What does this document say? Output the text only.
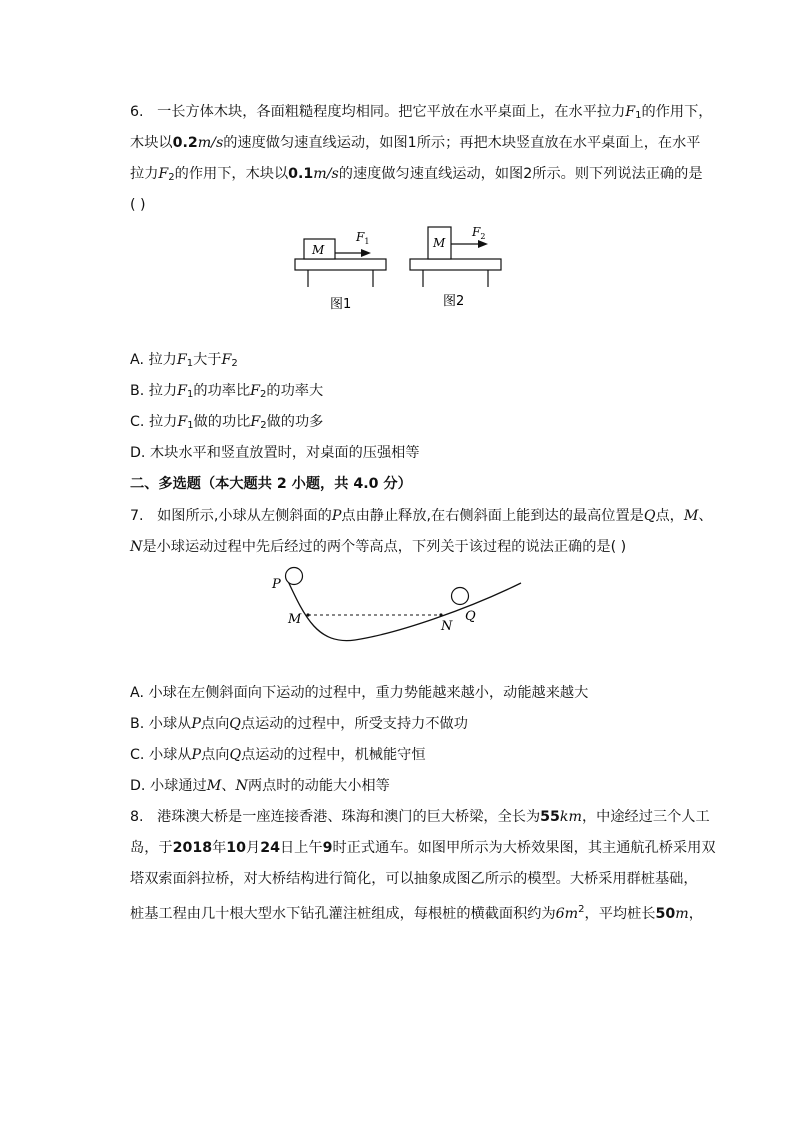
6. 一长方体木块，各面粗糙程度均相同。把它平放在水平桌面上，在水平拉力$F_1$的作用下，
木块以0.2m/s的速度做匀速直线运动，如图1所示；再把木块竖直放在水平桌面上，在水平
拉力$F_2$的作用下，木块以0.1m/s的速度做匀速直线运动，如图2所示。则下列说法正确的是
( )
M
$F_1$
图1
M
$F_2$
图2
P
M	N
Q
A. 拉力$F_1$大于$F_2$
B. 拉力$F_1$的功率比$F_2$的功率大
C. 拉力$F_1$做的功比$F_2$做的功多
D. 木块水平和竖直放置时，对桌面的压强相等
二、多选题（本大题共 2 小题，共 4.0 分）
7. 如图所示,小球从左侧斜面的P点由静止释放,在右侧斜面上能到达的最高位置是Q点，M、
N是小球运动过程中先后经过的两个等高点，下列关于该过程的说法正确的是( )
A. 小球在左侧斜面向下运动的过程中，重力势能越来越小，动能越来越大
B. 小球从P点向Q点运动的过程中，所受支持力不做功
C. 小球从P点向Q点运动的过程中，机械能守恒
D. 小球通过M、N两点时的动能大小相等
8. 港珠澳大桥是一座连接香港、珠海和澳门的巨大桥梁，全长为55km，中途经过三个人工
岛，于2018年10月24日上午9时正式通车。如图甲所示为大桥效果图，其主通航孔桥采用双
塔双索面斜拉桥，对大桥结构进行简化，可以抽象成图乙所示的模型。大桥采用群桩基础，
桩基工程由几十根大型水下钻孔灌注桩组成，每根桩的横截面积约为$6m^2$，平均桩长50m，
